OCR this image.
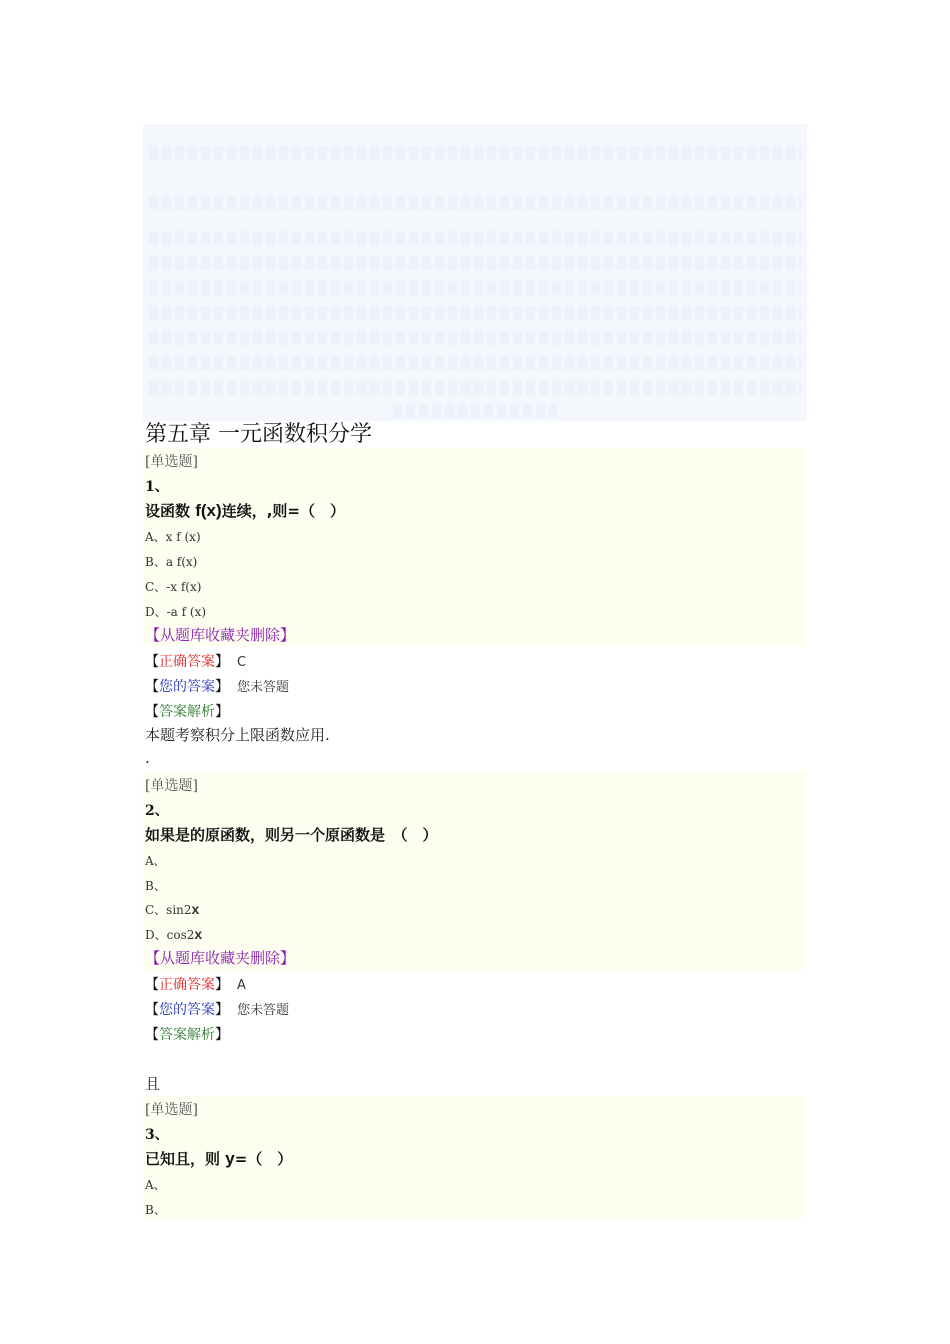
第五章 一元函数积分学
[单选题]
1、
设函数 f(x)连续，,则=（　）
A、x f (x)
B、a f(x)
C、-x f(x)
D、-a f (x)
【从题库收藏夹删除】
【正确答案】 C
【您的答案】 您未答题
【答案解析】
本题考察积分上限函数应用.
.
[单选题]
2、
如果是的原函数，则另一个原函数是　（　）
A、
B、
C、sin2x
D、cos2x
【从题库收藏夹删除】
【正确答案】 A
【您的答案】 您未答题
【答案解析】
且
[单选题]
3、
已知且，则 y=（　）
A、
B、
